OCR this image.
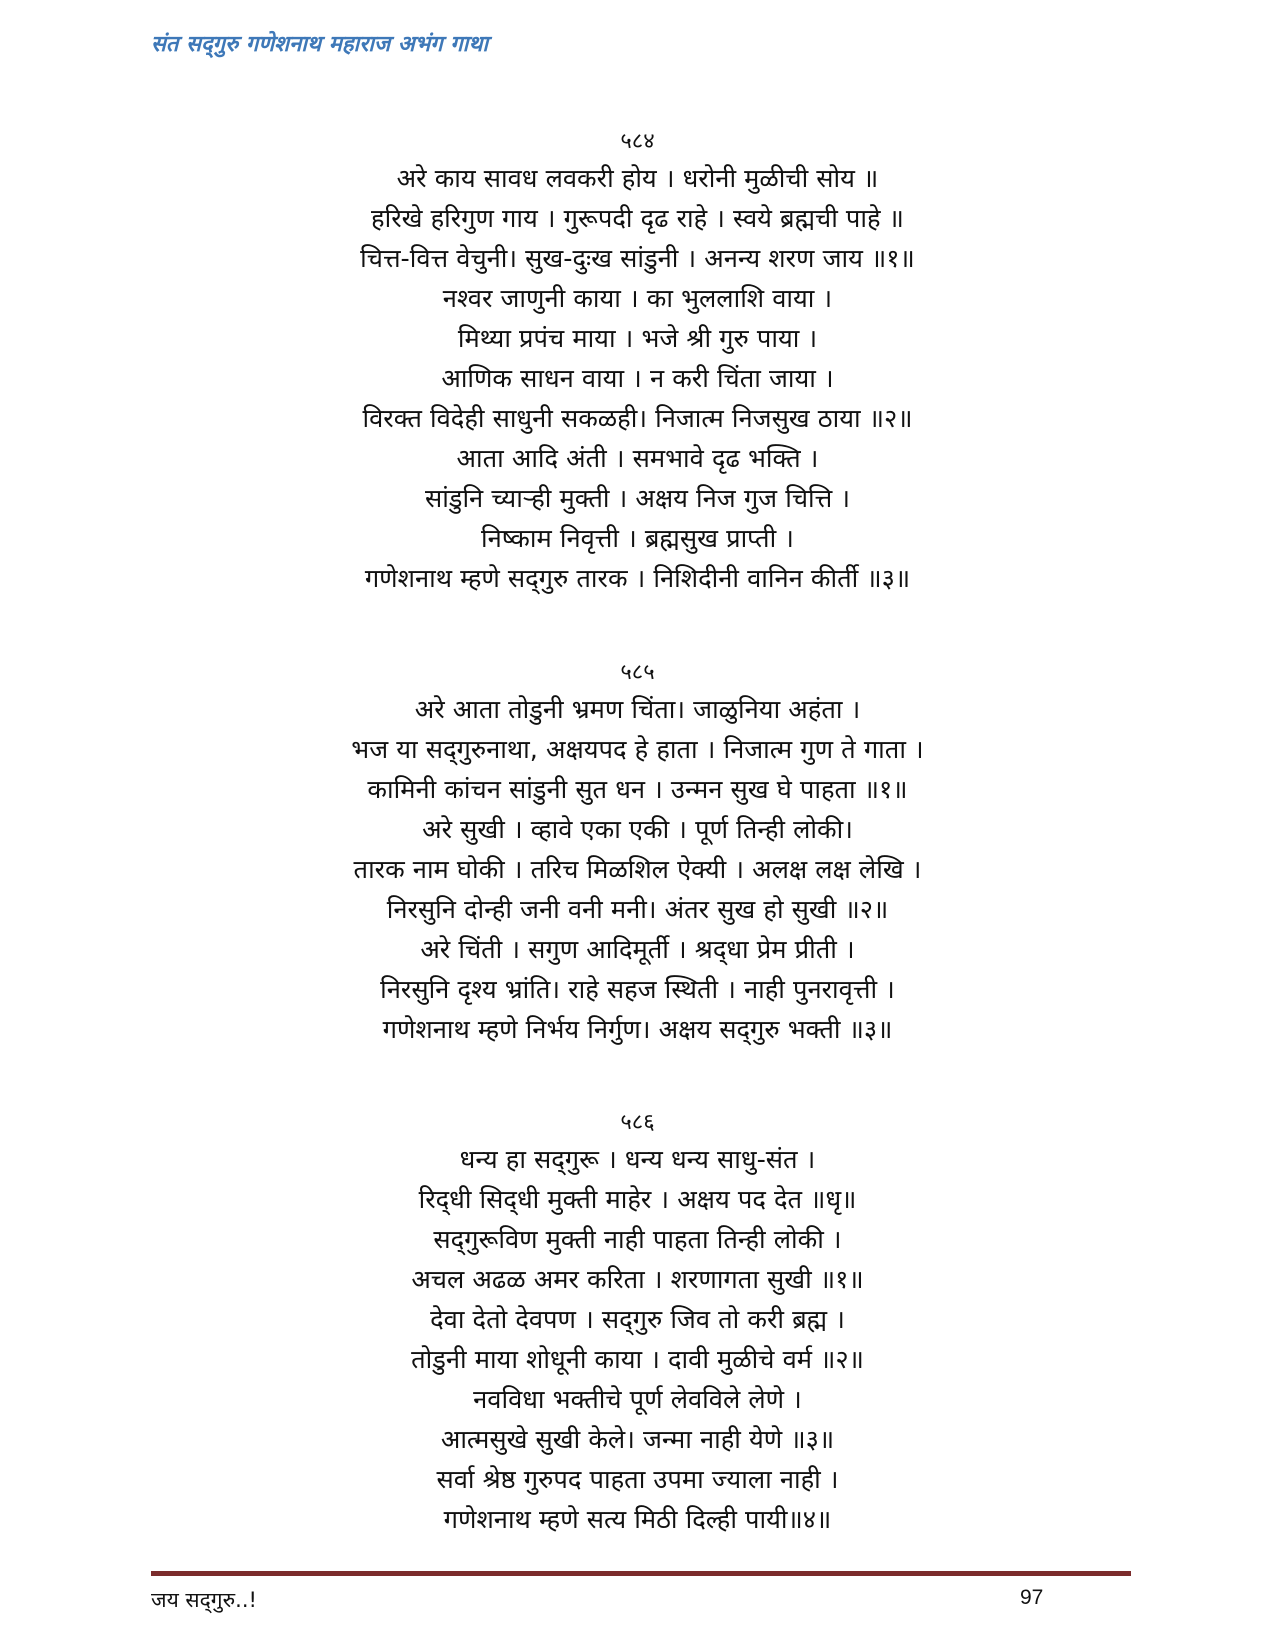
संत सद्‌गुरु गणेशनाथ महाराज अभंग गाथा
५८४
अरे काय सावध लवकरी होय । धरोनी मुळीची सोय ॥
हरिखे हरिगुण गाय । गुरूपदी दृढ राहे । स्वये ब्रह्मची पाहे ॥
चित्त-वित्त वेचुनी। सुख-दुःख सांडुनी । अनन्य शरण जाय ॥१॥
नश्वर जाणुनी काया । का भुललाशि वाया ।
मिथ्या प्रपंच माया । भजे श्री गुरु पाया ।
आणिक साधन वाया । न करी चिंता जाया ।
विरक्त विदेही साधुनी सकळही। निजात्म निजसुख ठाया ॥२॥
आता आदि अंती । समभावे दृढ भक्ति ।
सांडुनि च्याऱ्ही मुक्ती । अक्षय निज गुज चित्ति ।
निष्काम निवृत्ती । ब्रह्मसुख प्राप्ती ।
गणेशनाथ म्हणे सद्‌गुरु तारक । निशिदीनी वानिन कीर्ती ॥३॥
५८५
अरे आता तोडुनी भ्रमण चिंता। जाळुनिया अहंता ।
भज या सद्‌गुरुनाथा, अक्षयपद हे हाता । निजात्म गुण ते गाता ।
कामिनी कांचन सांडुनी सुत धन । उन्मन सुख घे पाहता ॥१॥
अरे सुखी । व्हावे एका एकी । पूर्ण तिन्ही लोकी।
तारक नाम घोकी । तरिच मिळशिल ऐक्यी । अलक्ष लक्ष लेखि ।
निरसुनि दोन्ही जनी वनी मनी। अंतर सुख हो सुखी ॥२॥
अरे चिंती । सगुण आदिमूर्ती । श्रद्‌धा प्रेम प्रीती ।
निरसुनि दृश्य भ्रांति। राहे सहज स्थिती । नाही पुनरावृत्ती ।
गणेशनाथ म्हणे निर्भय निर्गुण। अक्षय सद्‌गुरु भक्ती ॥३॥
५८६
धन्य हा सद्‌गुरू । धन्य धन्य साधु-संत ।
रिद्‌धी सिद्‌धी मुक्ती माहेर । अक्षय पद देत ॥धृ॥
सद्‌गुरूविण मुक्ती नाही पाहता तिन्ही लोकी ।
अचल अढळ अमर करिता । शरणागता सुखी ॥१॥
देवा देतो देवपण । सद्‌गुरु जिव तो करी ब्रह्म ।
तोडुनी माया शोधूनी काया । दावी मुळीचे वर्म ॥२॥
नवविधा भक्तीचे पूर्ण लेवविले लेणे ।
आत्मसुखे सुखी केले। जन्मा नाही येणे ॥३॥
सर्वा श्रेष्ठ गुरुपद पाहता उपमा ज्याला नाही ।
गणेशनाथ म्हणे सत्य मिठी दिल्ही पायी॥४॥
जय सद्‌गुरु..!	97
